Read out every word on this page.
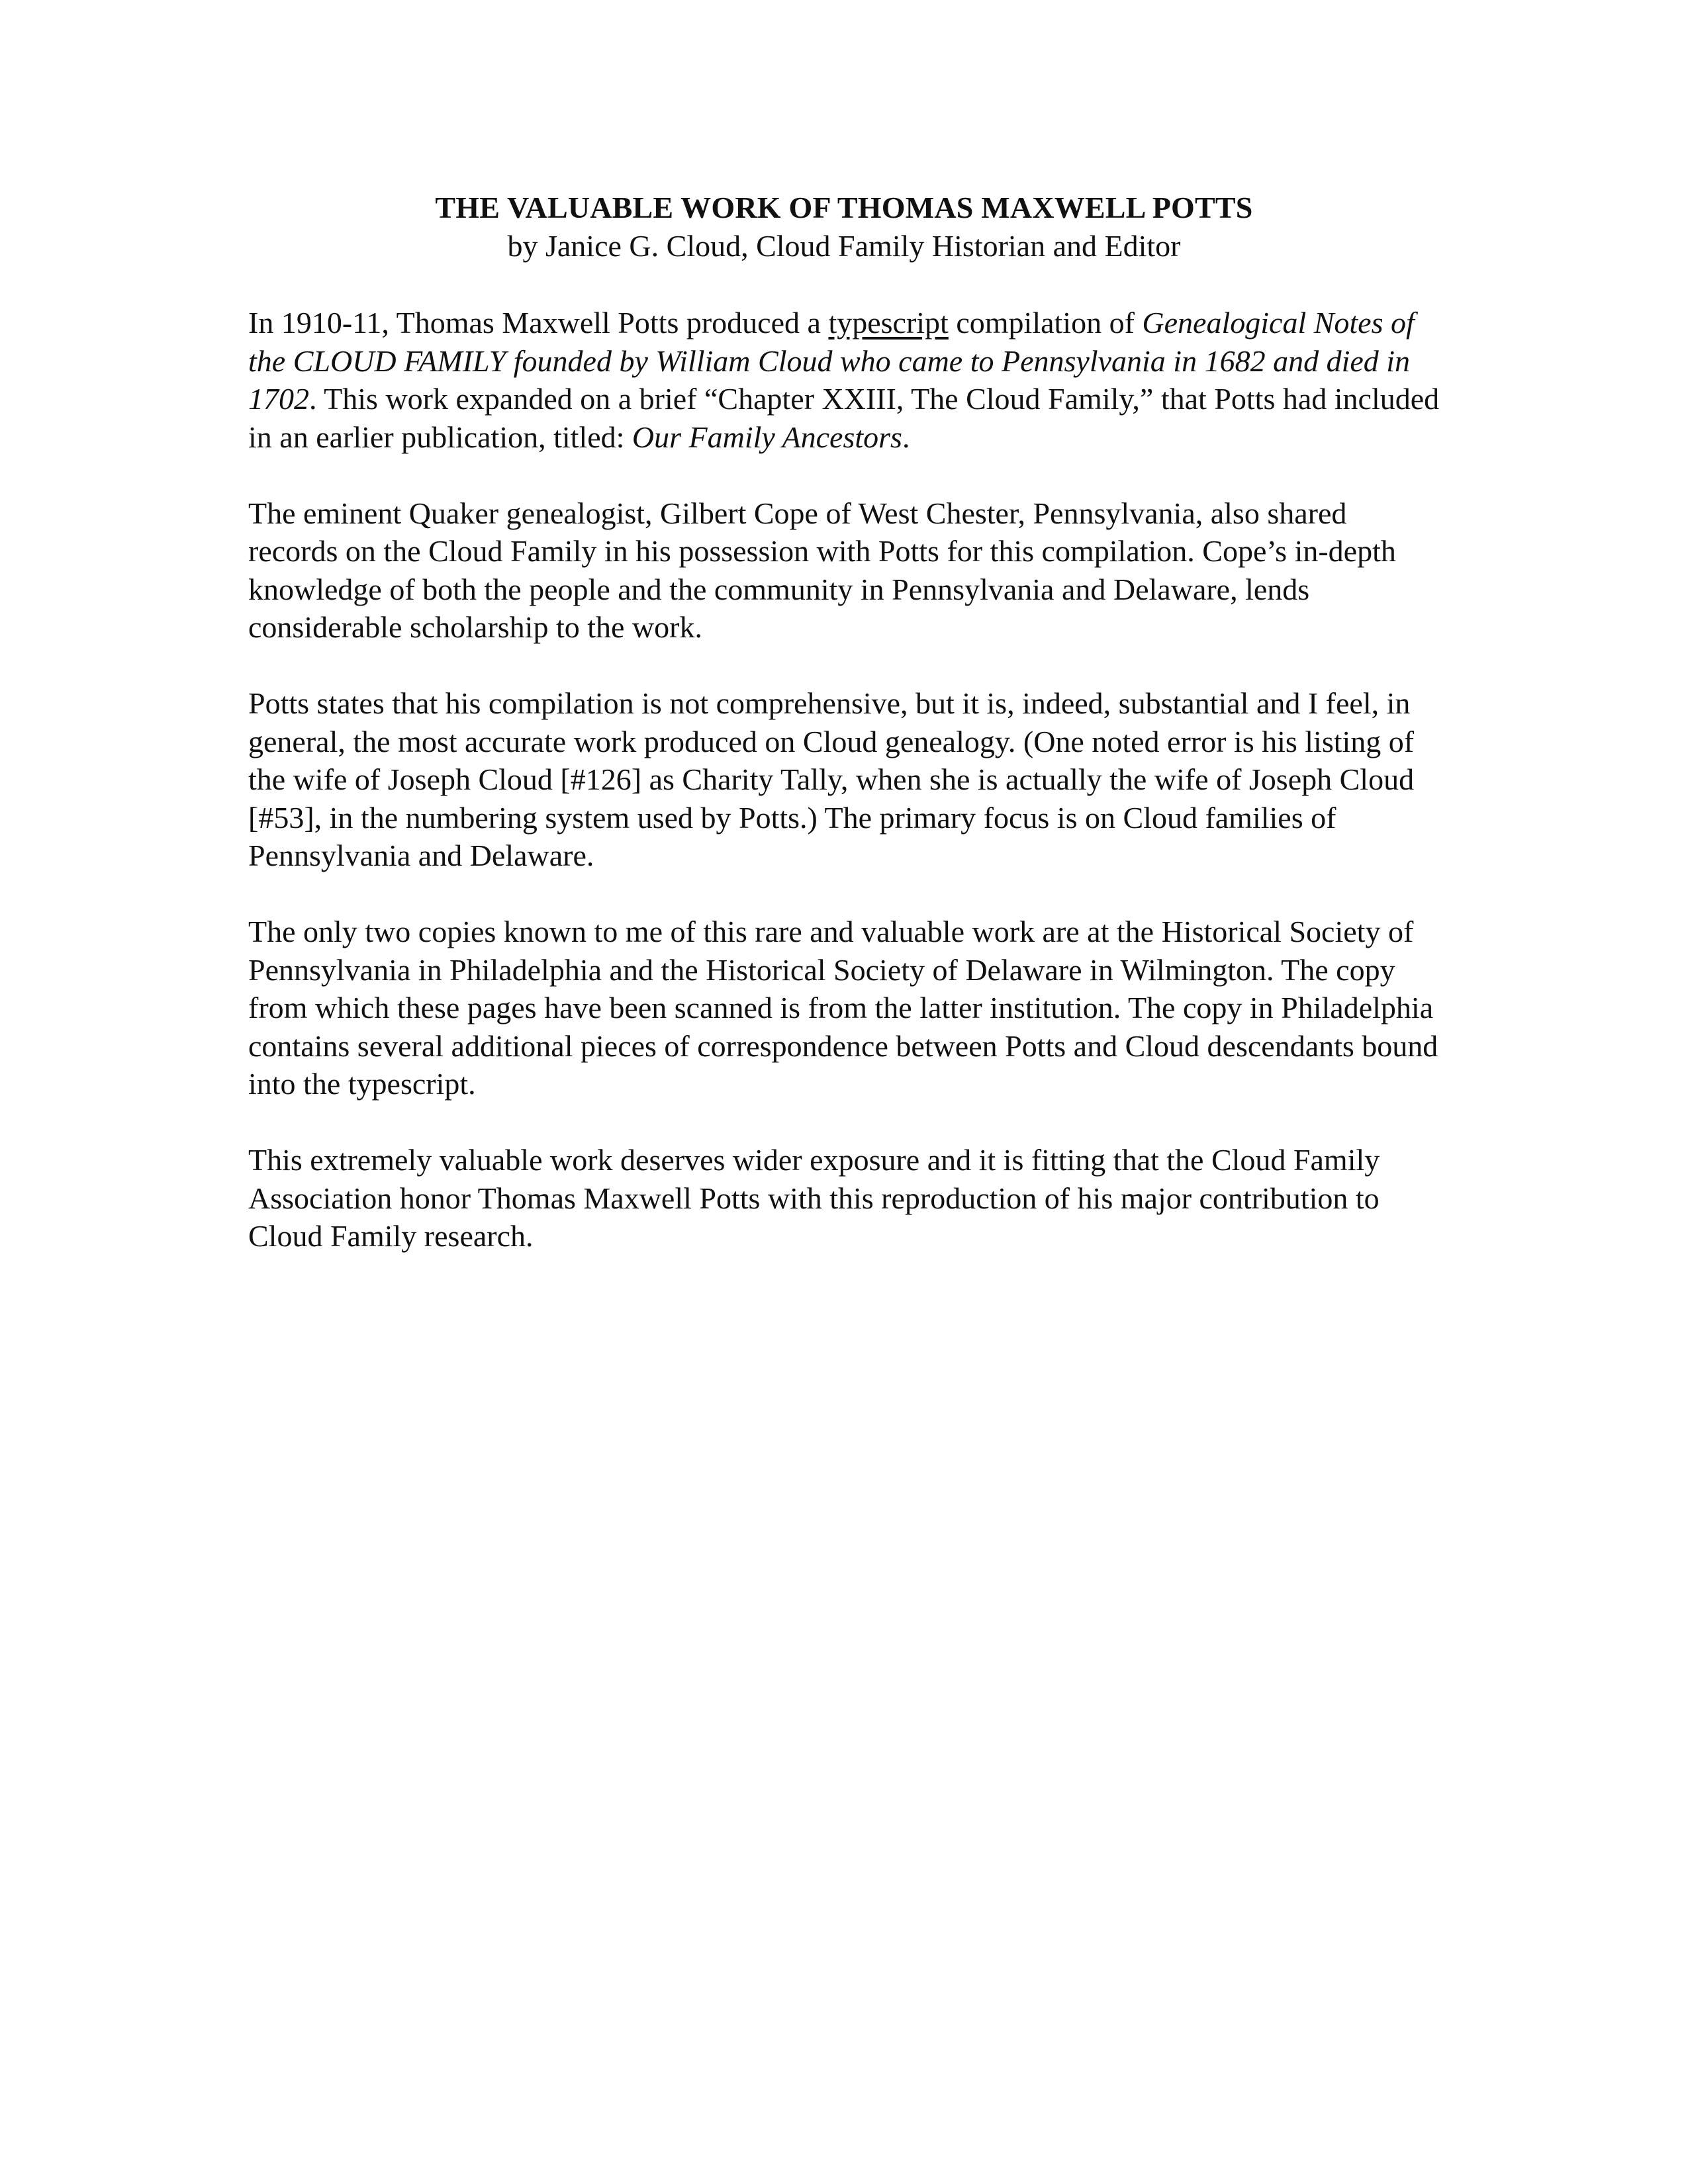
THE VALUABLE WORK OF THOMAS MAXWELL POTTS

by Janice G. Cloud, Cloud Family Historian and Editor

In 1910-11, Thomas Maxwell Potts produced a typescript compilation of Genealogical Notes of the CLOUD FAMILY founded by William Cloud who came to Pennsylvania in 1682 and died in 1702. This work expanded on a brief “Chapter XXIII, The Cloud Family,” that Potts had included in an earlier publication, titled: Our Family Ancestors.

The eminent Quaker genealogist, Gilbert Cope of West Chester, Pennsylvania, also shared records on the Cloud Family in his possession with Potts for this compilation. Cope’s in-depth knowledge of both the people and the community in Pennsylvania and Delaware, lends considerable scholarship to the work.

Potts states that his compilation is not comprehensive, but it is, indeed, substantial and I feel, in general, the most accurate work produced on Cloud genealogy. (One noted error is his listing of the wife of Joseph Cloud [#126] as Charity Tally, when she is actually the wife of Joseph Cloud [#53], in the numbering system used by Potts.) The primary focus is on Cloud families of Pennsylvania and Delaware.

The only two copies known to me of this rare and valuable work are at the Historical Society of Pennsylvania in Philadelphia and the Historical Society of Delaware in Wilmington. The copy from which these pages have been scanned is from the latter institution. The copy in Philadelphia contains several additional pieces of correspondence between Potts and Cloud descendants bound into the typescript.

This extremely valuable work deserves wider exposure and it is fitting that the Cloud Family Association honor Thomas Maxwell Potts with this reproduction of his major contribution to Cloud Family research.
